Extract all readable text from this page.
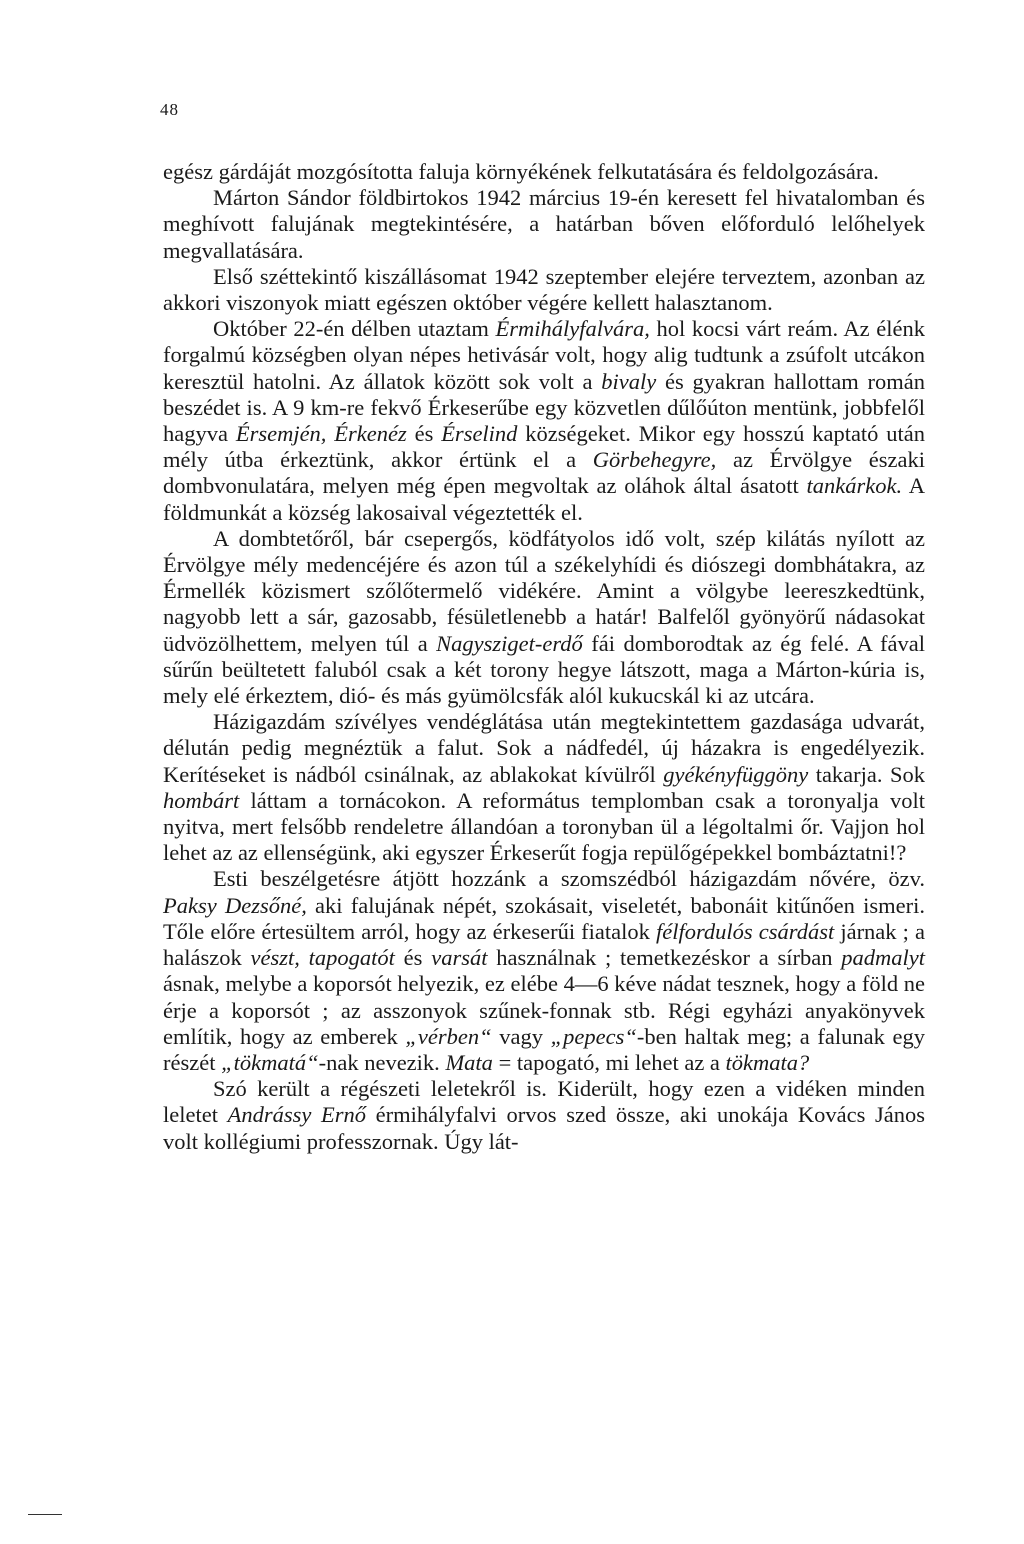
48

egész gárdáját mozgósította faluja környékének felkutatására és feldolgozására.

Márton Sándor földbirtokos 1942 március 19-én keresett fel hivatalomban és meghívott falujának megtekintésére, a határban bőven előforduló lelőhelyek megvallatására.

Első széttekintő kiszállásomat 1942 szeptember elejére terveztem, azonban az akkori viszonyok miatt egészen október végére kellett halasztanom.

Október 22-én délben utaztam Érmihályfalvára, hol kocsi várt reám. Az élénk forgalmú községben olyan népes hetivásár volt, hogy alig tudtunk a zsúfolt utcákon keresztül hatolni. Az állatok között sok volt a bivaly és gyakran hallottam román beszédet is. A 9 km-re fekvő Érkeserűbe egy közvetlen dűlőúton mentünk, jobbfelől hagyva Érsemjén, Érkenéz és Érselind községeket. Mikor egy hosszú kaptató után mély útba érkeztünk, akkor értünk el a Görbehegyre, az Érvölgye északi dombvonulatára, melyen még épen megvoltak az oláhok által ásatott tankárkok. A földmunkát a község lakosaival végeztették el.

A dombtetőről, bár csepergős, ködfátyolos idő volt, szép kilátás nyílott az Érvölgye mély medencéjére és azon túl a székelyhídi és diószegi dombhátakra, az Érmellék közismert szőlőtermelő vidékére. Amint a völgybe leereszkedtünk, nagyobb lett a sár, gazosabb, fésületlenebb a határ! Balfelől gyönyörű nádasokat üdvözölhettem, melyen túl a Nagysziget-erdő fái domborodtak az ég felé. A fával sűrűn beültetett faluból csak a két torony hegye látszott, maga a Márton-kúria is, mely elé érkeztem, dió- és más gyümölcsfák alól kukucskál ki az utcára.

Házigazdám szívélyes vendéglátása után megtekintettem gazdasága udvarát, délután pedig megnéztük a falut. Sok a nádfedél, új házakra is engedélyezik. Kerítéseket is nádból csinálnak, az ablakokat kívülről gyékényfüggöny takarja. Sok hombárt láttam a tornácokon. A református templomban csak a toronyalja volt nyitva, mert felsőbb rendeletre állandóan a toronyban ül a légoltalmi őr. Vajjon hol lehet az az ellenségünk, aki egyszer Érkeserűt fogja repülőgépekkel bombáztatni!?

Esti beszélgetésre átjött hozzánk a szomszédból házigazdám nővére, özv. Paksy Dezsőné, aki falujának népét, szokásait, viseletét, babonáit kitűnően ismeri. Tőle előre értesültem arról, hogy az érkeserűi fiatalok félfordulós csárdást járnak ; a halászok vészt, tapogatót és varsát használnak ; temetkezéskor a sírban padmalyt ásnak, melybe a koporsót helyezik, ez elébe 4—6 kéve nádat tesznek, hogy a föld ne érje a koporsót ; az asszonyok szűnek-fonnak stb. Régi egyházi anyakönyvek említik, hogy az emberek „vérben“ vagy „pepecs“-ben haltak meg; a falunak egy részét „tökmatá“-nak nevezik. Mata = tapogató, mi lehet az a tökmata?

Szó került a régészeti leletekről is. Kiderült, hogy ezen a vidéken minden leletet Andrássy Ernő érmihályfalvi orvos szed össze, aki unokája Kovács János volt kollégiumi professzornak. Úgy lát-
